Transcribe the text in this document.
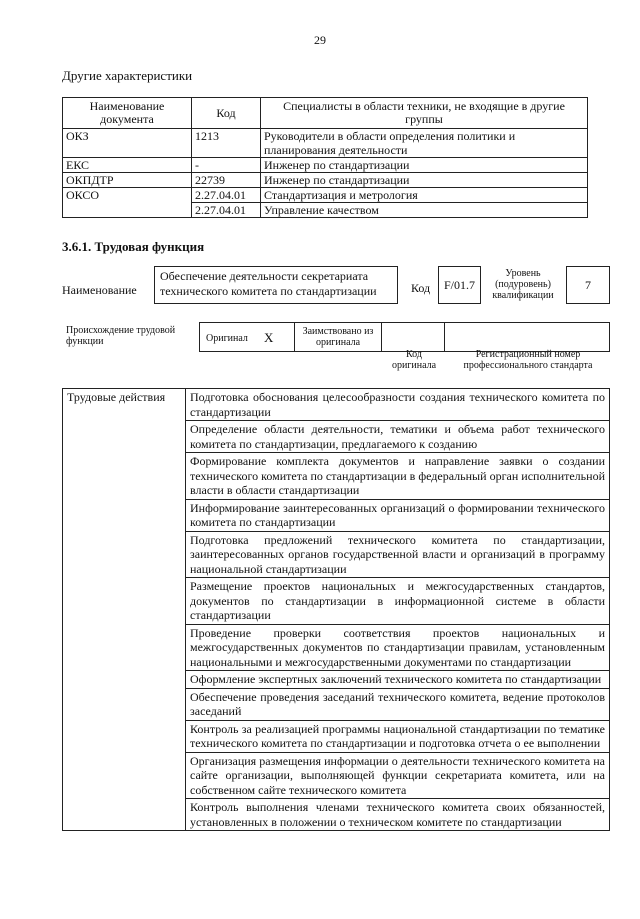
29
Другие характеристики
Наименование документа	Код	Специалисты в области техники, не входящие в другие группы
ОКЗ	1213	Руководители в области определения политики и планирования деятельности
ЕКС	-	Инженер по стандартизации
ОКПДТР	22739	Инженер по стандартизации
ОКСО	2.27.04.01	Стандартизация и метрология
	2.27.04.01	Управление качеством
3.6.1. Трудовая функция
Наименование
Обеспечение деятельности секретариата технического комитета по стандартизации	Код	F/01.7
Уровень (подуровень) квалификации
7
Происхождение трудовой функции	Оригинал X	Заимствовано из оригинала
Код оригинала
Регистрационный номер профессионального стандарта
Трудовые действия	Подготовка обоснования целесообразности создания технического комитета по стандартизации
Определение области деятельности, тематики и объема работ технического комитета по стандартизации, предлагаемого к созданию
Формирование комплекта документов и направление заявки о создании технического комитета по стандартизации в федеральный орган исполнительной власти в области стандартизации
Информирование заинтересованных организаций о формировании технического комитета по стандартизации
Подготовка предложений технического комитета по стандартизации, заинтересованных органов государственной власти и организаций в программу национальной стандартизации
Размещение проектов национальных и межгосударственных стандартов, документов по стандартизации в информационной системе в области стандартизации
Проведение проверки соответствия проектов национальных и межгосударственных документов по стандартизации правилам, установленным национальными и межгосударственными документами по стандартизации
Оформление экспертных заключений технического комитета по стандартизации
Обеспечение проведения заседаний технического комитета, ведение протоколов заседаний
Контроль за реализацией программы национальной стандартизации по тематике технического комитета по стандартизации и подготовка отчета о ее выполнении
Организация размещения информации о деятельности технического комитета на сайте организации, выполняющей функции секретариата комитета, или на собственном сайте технического комитета
Контроль выполнения членами технического комитета своих обязанностей, установленных в положении о техническом комитете по стандартизации
